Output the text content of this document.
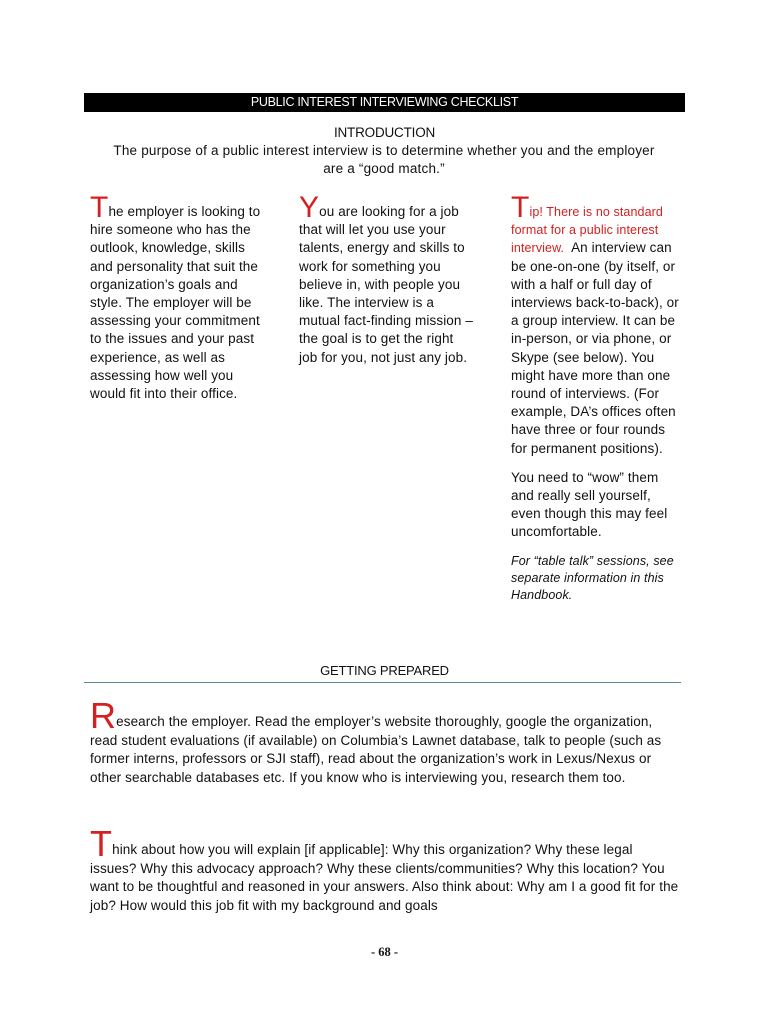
PUBLIC INTEREST INTERVIEWING CHECKLIST
INTRODUCTION
The purpose of a public interest interview is to determine whether you and the employer are a “good match.”

The employer is looking to hire someone who has the outlook, knowledge, skills and personality that suit the organization’s goals and style. The employer will be assessing your commitment to the issues and your past experience, as well as assessing how well you would fit into their office.

You are looking for a job that will let you use your talents, energy and skills to work for something you believe in, with people you like. The interview is a mutual fact-finding mission – the goal is to get the right job for you, not just any job.

Tip! There is no standard format for a public interest interview. An interview can be one-on-one (by itself, or with a half or full day of interviews back-to-back), or a group interview. It can be in-person, or via phone, or Skype (see below). You might have more than one round of interviews. (For example, DA’s offices often have three or four rounds for permanent positions).

You need to “wow” them and really sell yourself, even though this may feel uncomfortable.

For “table talk” sessions, see separate information in this Handbook.

GETTING PREPARED

Research the employer. Read the employer’s website thoroughly, google the organization, read student evaluations (if available) on Columbia’s Lawnet database, talk to people (such as former interns, professors or SJI staff), read about the organization’s work in Lexus/Nexus or other searchable databases etc. If you know who is interviewing you, research them too.

Think about how you will explain [if applicable]: Why this organization? Why these legal issues? Why this advocacy approach? Why these clients/communities? Why this location? You want to be thoughtful and reasoned in your answers. Also think about: Why am I a good fit for the job? How would this job fit with my background and goals

- 68 -
